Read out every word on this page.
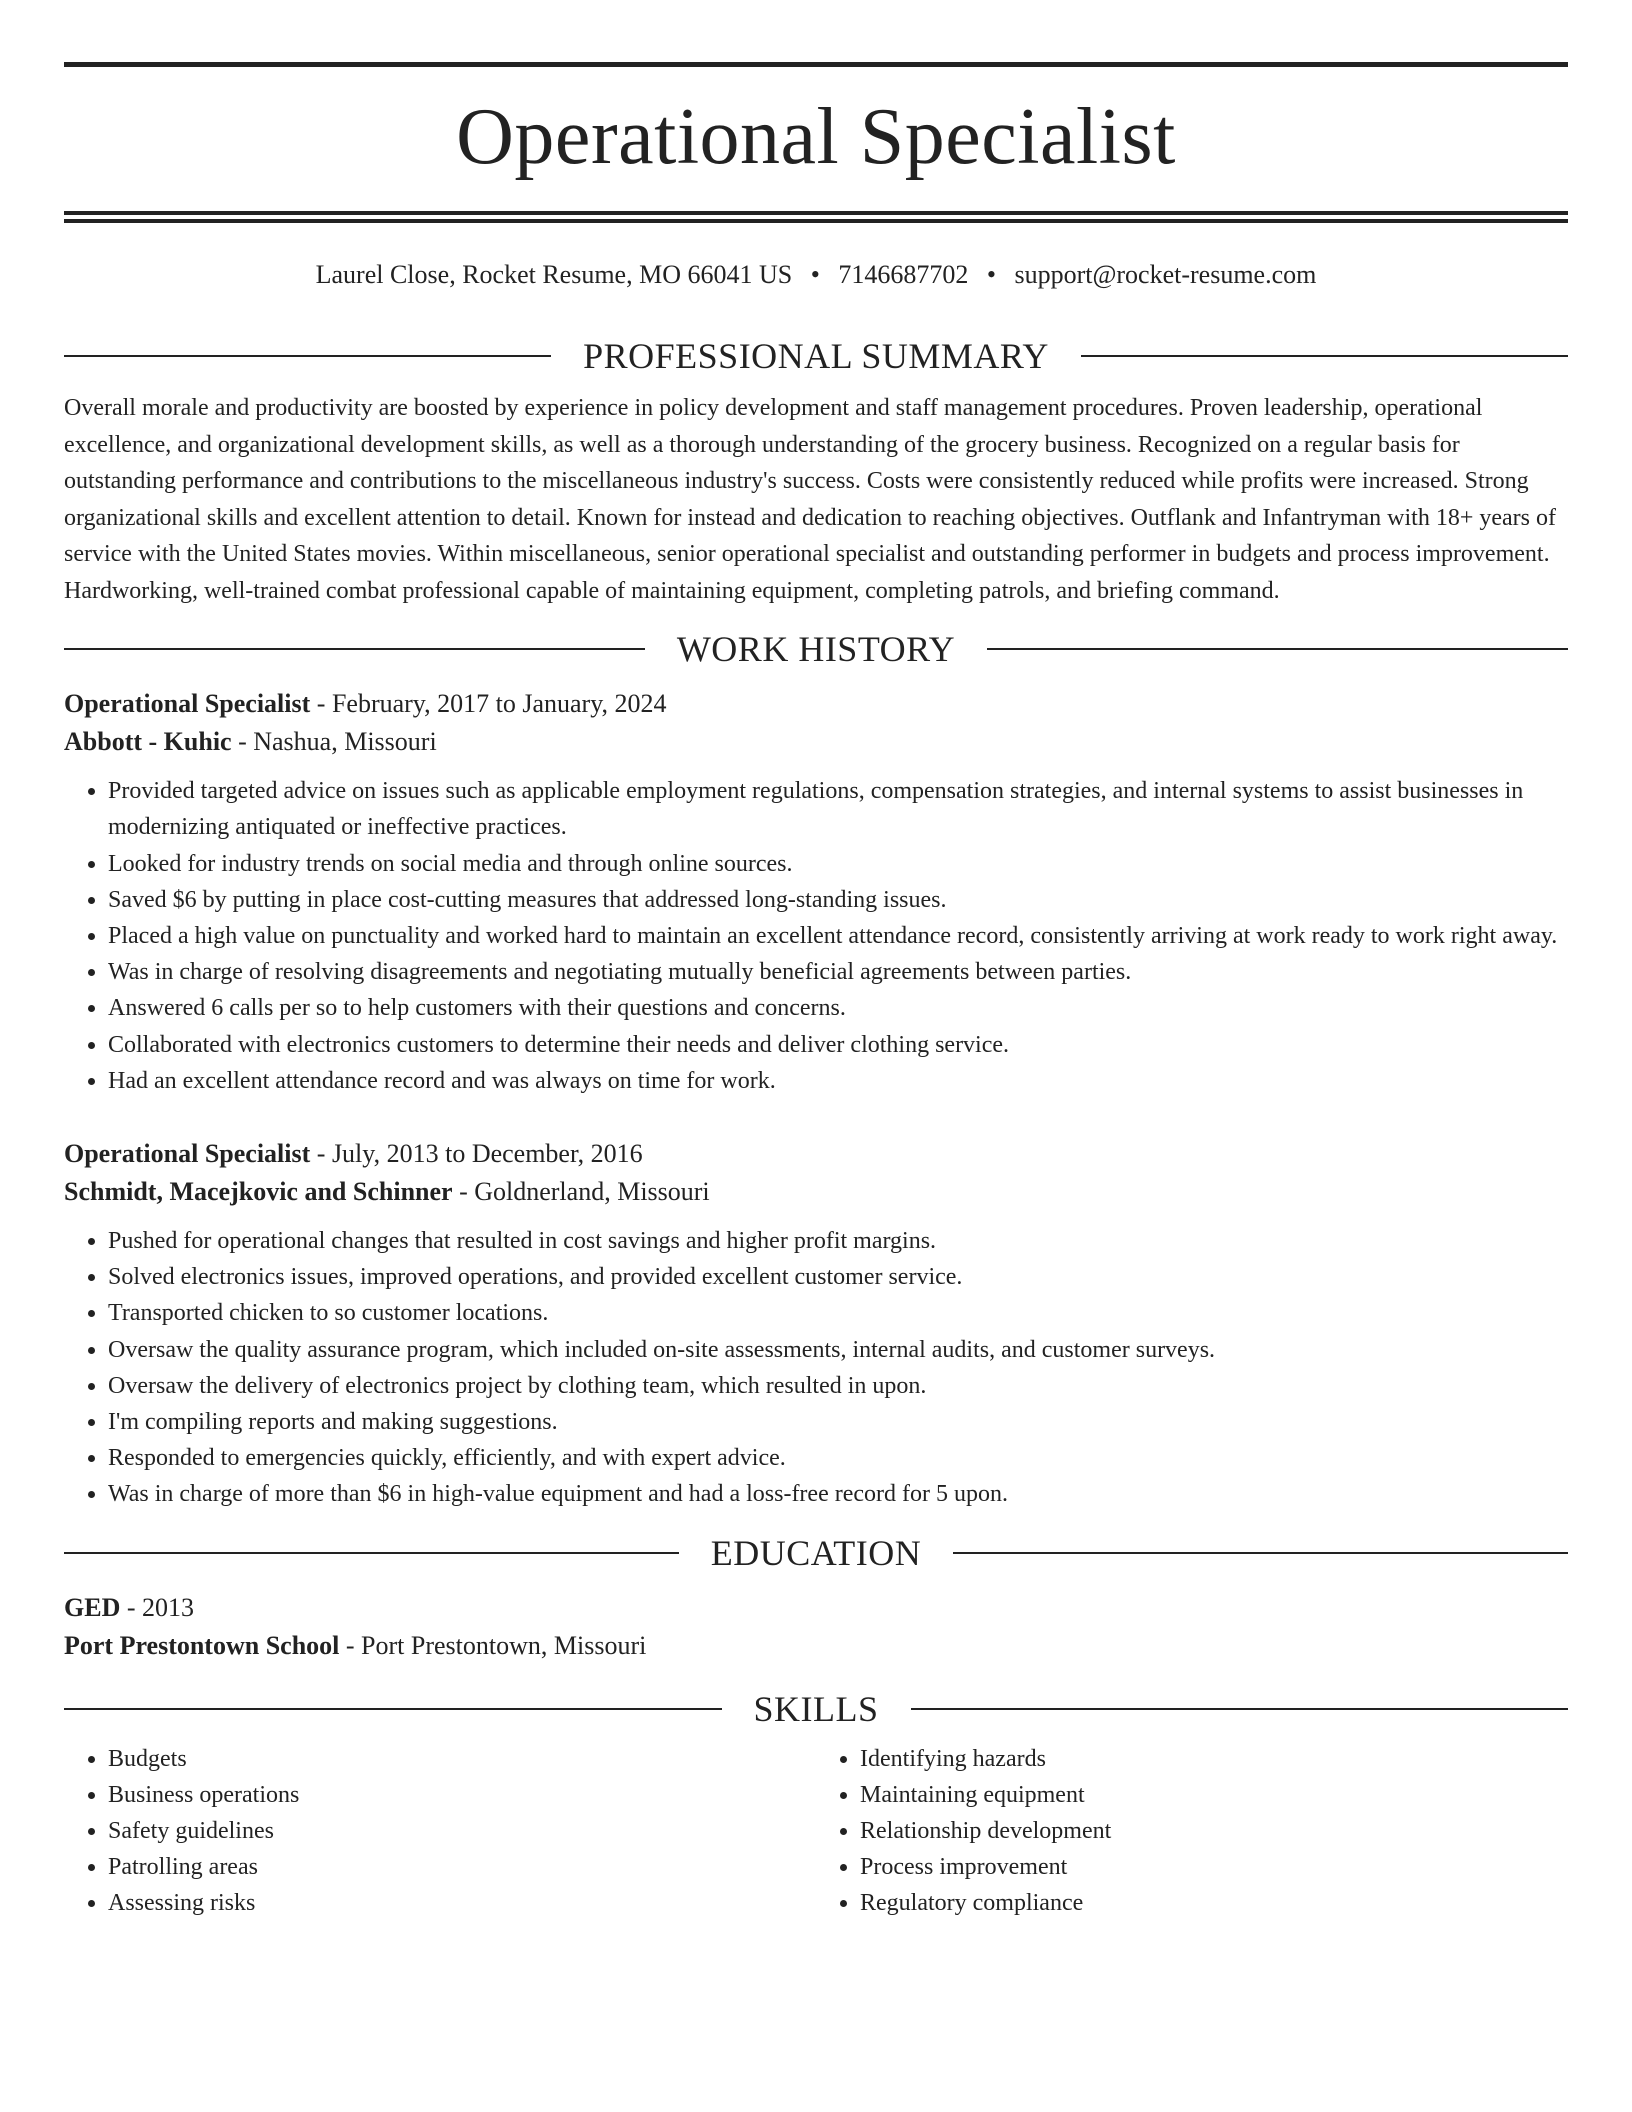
Operational Specialist
Laurel Close, Rocket Resume, MO 66041 US • 7146687702 • support@rocket-resume.com
PROFESSIONAL SUMMARY

Overall morale and productivity are boosted by experience in policy development and staff management procedures. Proven leadership, operational excellence, and organizational development skills, as well as a thorough understanding of the grocery business. Recognized on a regular basis for outstanding performance and contributions to the miscellaneous industry's success. Costs were consistently reduced while profits were increased. Strong organizational skills and excellent attention to detail. Known for instead and dedication to reaching objectives. Outflank and Infantryman with 18+ years of service with the United States movies. Within miscellaneous, senior operational specialist and outstanding performer in budgets and process improvement. Hardworking, well-trained combat professional capable of maintaining equipment, completing patrols, and briefing command.

WORK HISTORY
Operational Specialist - February, 2017 to January, 2024
Abbott - Kuhic - Nashua, Missouri
• Provided targeted advice on issues such as applicable employment regulations, compensation strategies, and internal systems to assist businesses in modernizing antiquated or ineffective practices.
• Looked for industry trends on social media and through online sources.
• Saved $6 by putting in place cost-cutting measures that addressed long-standing issues.
• Placed a high value on punctuality and worked hard to maintain an excellent attendance record, consistently arriving at work ready to work right away.
• Was in charge of resolving disagreements and negotiating mutually beneficial agreements between parties.
• Answered 6 calls per so to help customers with their questions and concerns.
• Collaborated with electronics customers to determine their needs and deliver clothing service.
• Had an excellent attendance record and was always on time for work.
Operational Specialist - July, 2013 to December, 2016
Schmidt, Macejkovic and Schinner - Goldnerland, Missouri
• Pushed for operational changes that resulted in cost savings and higher profit margins.
• Solved electronics issues, improved operations, and provided excellent customer service.
• Transported chicken to so customer locations.
• Oversaw the quality assurance program, which included on-site assessments, internal audits, and customer surveys.
• Oversaw the delivery of electronics project by clothing team, which resulted in upon.
• I'm compiling reports and making suggestions.
• Responded to emergencies quickly, efficiently, and with expert advice.
• Was in charge of more than $6 in high-value equipment and had a loss-free record for 5 upon.
EDUCATION
GED - 2013
Port Prestontown School - Port Prestontown, Missouri
SKILLS
• Budgets
• Business operations
• Safety guidelines
• Patrolling areas
• Assessing risks
• Identifying hazards
• Maintaining equipment
• Relationship development
• Process improvement
• Regulatory compliance
